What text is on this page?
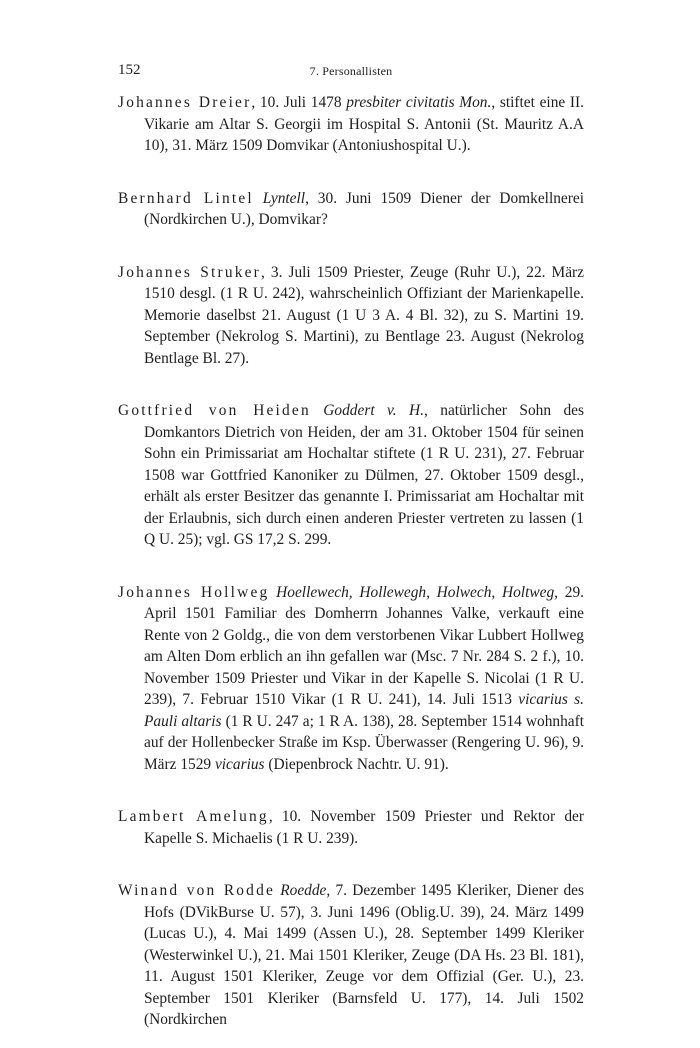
152	7. Personallisten

Johannes Dreier, 10. Juli 1478 presbiter civitatis Mon., stiftet eine II. Vikarie am Altar S. Georgii im Hospital S. Antonii (St. Mauritz A.A 10), 31. März 1509 Domvikar (Antoniushospital U.).

Bernhard Lintel Lyntell, 30. Juni 1509 Diener der Domkellnerei (Nordkirchen U.), Domvikar?

Johannes Struker, 3. Juli 1509 Priester, Zeuge (Ruhr U.), 22. März 1510 desgl. (1 R U. 242), wahrscheinlich Offiziant der Marienkapelle. Memorie daselbst 21. August (1 U 3 A. 4 Bl. 32), zu S. Martini 19. September (Nekrolog S. Martini), zu Bentlage 23. August (Nekrolog Bentlage Bl. 27).

Gottfried von Heiden Goddert v. H., natürlicher Sohn des Domkantors Dietrich von Heiden, der am 31. Oktober 1504 für seinen Sohn ein Primissariat am Hochaltar stiftete (1 R U. 231), 27. Februar 1508 war Gottfried Kanoniker zu Dülmen, 27. Oktober 1509 desgl., erhält als erster Besitzer das genannte I. Primissariat am Hochaltar mit der Erlaubnis, sich durch einen anderen Priester vertreten zu lassen (1 Q U. 25); vgl. GS 17,2 S. 299.

Johannes Hollweg Hoellewech, Hollewegh, Holwech, Holtweg, 29. April 1501 Familiar des Domherrn Johannes Valke, verkauft eine Rente von 2 Goldg., die von dem verstorbenen Vikar Lubbert Hollweg am Alten Dom erblich an ihn gefallen war (Msc. 7 Nr. 284 S. 2 f.), 10. November 1509 Priester und Vikar in der Kapelle S. Nicolai (1 R U. 239), 7. Februar 1510 Vikar (1 R U. 241), 14. Juli 1513 vicarius s. Pauli altaris (1 R U. 247 a; 1 R A. 138), 28. September 1514 wohnhaft auf der Hollenbecker Straße im Ksp. Überwasser (Rengering U. 96), 9. März 1529 vicarius (Diepenbrock Nachtr. U. 91).

Lambert Amelung, 10. November 1509 Priester und Rektor der Kapelle S. Michaelis (1 R U. 239).

Winand von Rodde Roedde, 7. Dezember 1495 Kleriker, Diener des Hofs (DVikBurse U. 57), 3. Juni 1496 (Oblig.U. 39), 24. März 1499 (Lucas U.), 4. Mai 1499 (Assen U.), 28. September 1499 Kleriker (Westerwinkel U.), 21. Mai 1501 Kleriker, Zeuge (DA Hs. 23 Bl. 181), 11. August 1501 Kleriker, Zeuge vor dem Offizial (Ger. U.), 23. September 1501 Kleriker (Barnsfeld U. 177), 14. Juli 1502 (Nordkirchen
